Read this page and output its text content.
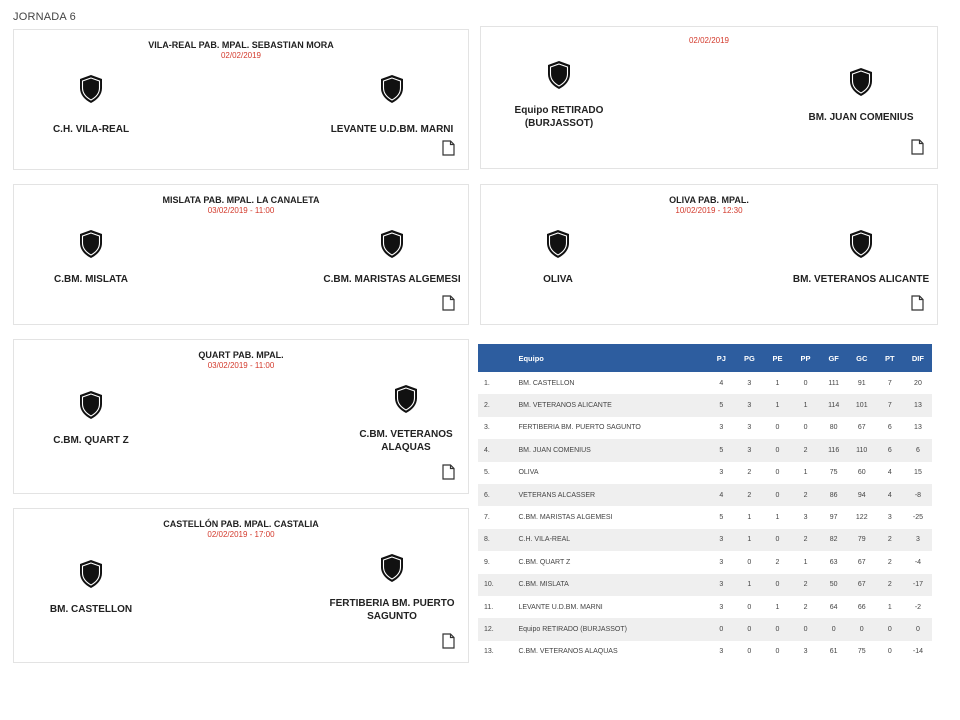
JORNADA 6
VILA-REAL PAB. MPAL. SEBASTIAN MORA
02/02/2019
C.H. VILA-REAL	LEVANTE U.D.BM. MARNI
02/02/2019
Equipo RETIRADO
(BURJASSOT)
BM. JUAN COMENIUS
MISLATA PAB. MPAL. LA CANALETA
03/02/2019 - 11:00
C.BM. MISLATA	C.BM. MARISTAS ALGEMESI
OLIVA PAB. MPAL.
10/02/2019 - 12:30
OLIVA	BM. VETERANOS ALICANTE
QUART PAB. MPAL.
03/02/2019 - 11:00
C.BM. QUART Z
C.BM. VETERANOS
ALAQUAS
CASTELLÓN PAB. MPAL. CASTALIA
02/02/2019 - 17:00
BM. CASTELLON
FERTIBERIA BM. PUERTO
SAGUNTO
	Equipo	PJ	PG	PE	PP	GF	GC	PT	DIF
1.	BM. CASTELLON	4	3	1	0	111	91	7	20
2.	BM. VETERANOS ALICANTE	5	3	1	1	114	101	7	13
3.	FERTIBERIA BM. PUERTO SAGUNTO	3	3	0	0	80	67	6	13
4.	BM. JUAN COMENIUS	5	3	0	2	116	110	6	6
5.	OLIVA	3	2	0	1	75	60	4	15
6.	VETERANS ALCASSER	4	2	0	2	86	94	4	-8
7.	C.BM. MARISTAS ALGEMESI	5	1	1	3	97	122	3	-25
8.	C.H. VILA-REAL	3	1	0	2	82	79	2	3
9.	C.BM. QUART Z	3	0	2	1	63	67	2	-4
10.	C.BM. MISLATA	3	1	0	2	50	67	2	-17
11.	LEVANTE U.D.BM. MARNI	3	0	1	2	64	66	1	-2
12.	Equipo RETIRADO (BURJASSOT)	0	0	0	0	0	0	0	0
13.	C.BM. VETERANOS ALAQUAS	3	0	0	3	61	75	0	-14
